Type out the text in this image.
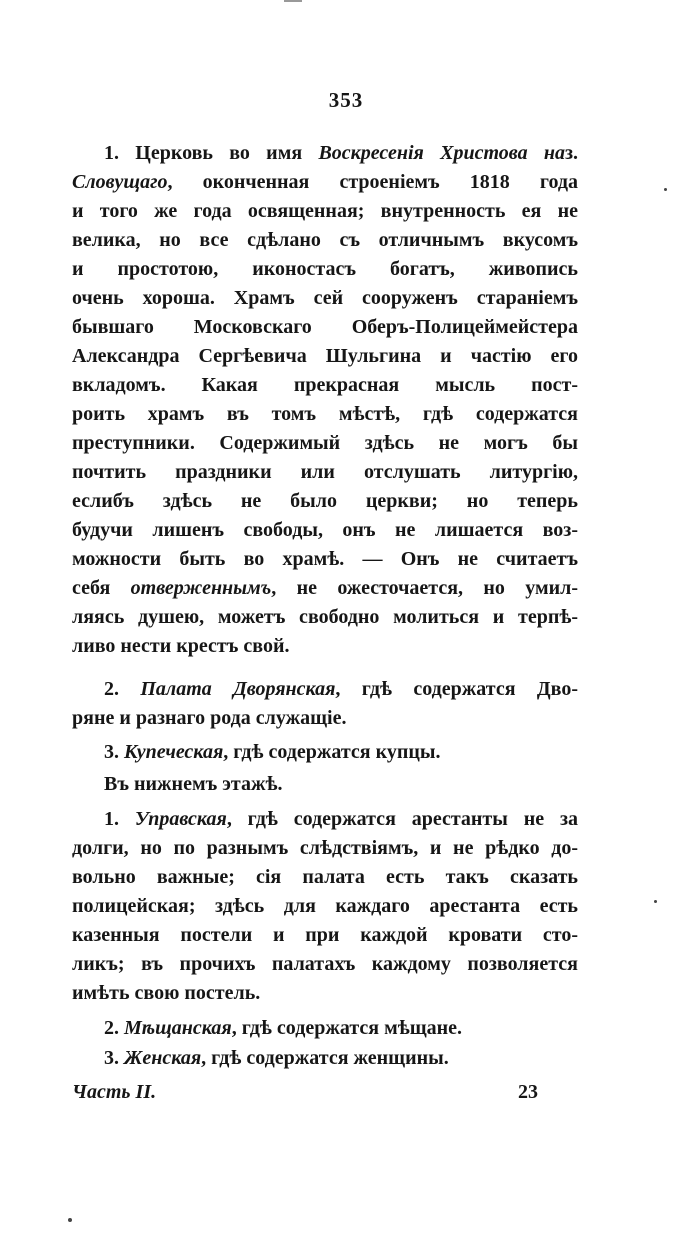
353
1. Церковь во имя Воскресенія Христова наз.
Словущаго, оконченная строеніемъ 1818 года
и того же года освященная; внутренность ея не
велика, но все сдѣлано съ отличнымъ вкусомъ
и простотою, иконостасъ богатъ, живопись
очень хороша. Храмъ сей сооруженъ стараніемъ
бывшаго Московскаго Оберъ-Полицеймейстера
Александра Сергѣевича Шульгина и частію его
вкладомъ. Какая прекрасная мысль пост-
роить храмъ въ томъ мѣстѣ, гдѣ содержатся
преступники. Содержимый здѣсь не могъ бы
почтить праздники или отслушать литургію,
еслибъ здѣсь не было церкви; но теперь
будучи лишенъ свободы, онъ не лишается воз-
можности быть во храмѣ. — Онъ не считаетъ
себя отверженнымъ, не ожесточается, но умил-
ляясь душею, можетъ свободно молиться и терпѣ-
ливо нести крестъ свой.
2. Палата Дворянская, гдѣ содержатся Дво-
ряне и разнаго рода служащіе.
3. Купеческая, гдѣ содержатся купцы.
Въ нижнемъ этажѣ.
1. Управская, гдѣ содержатся арестанты не за
долги, но по разнымъ слѣдствіямъ, и не рѣдко до-
вольно важные; сія палата есть такъ сказать
полицейская; здѣсь для каждаго арестанта есть
казенныя постели и при каждой кровати сто-
ликъ; въ прочихъ палатахъ каждому позволяется
имѣть свою постель.
2. Мѣщанская, гдѣ содержатся мѣщане.
3. Женская, гдѣ содержатся женщины.
Часть II.	23
